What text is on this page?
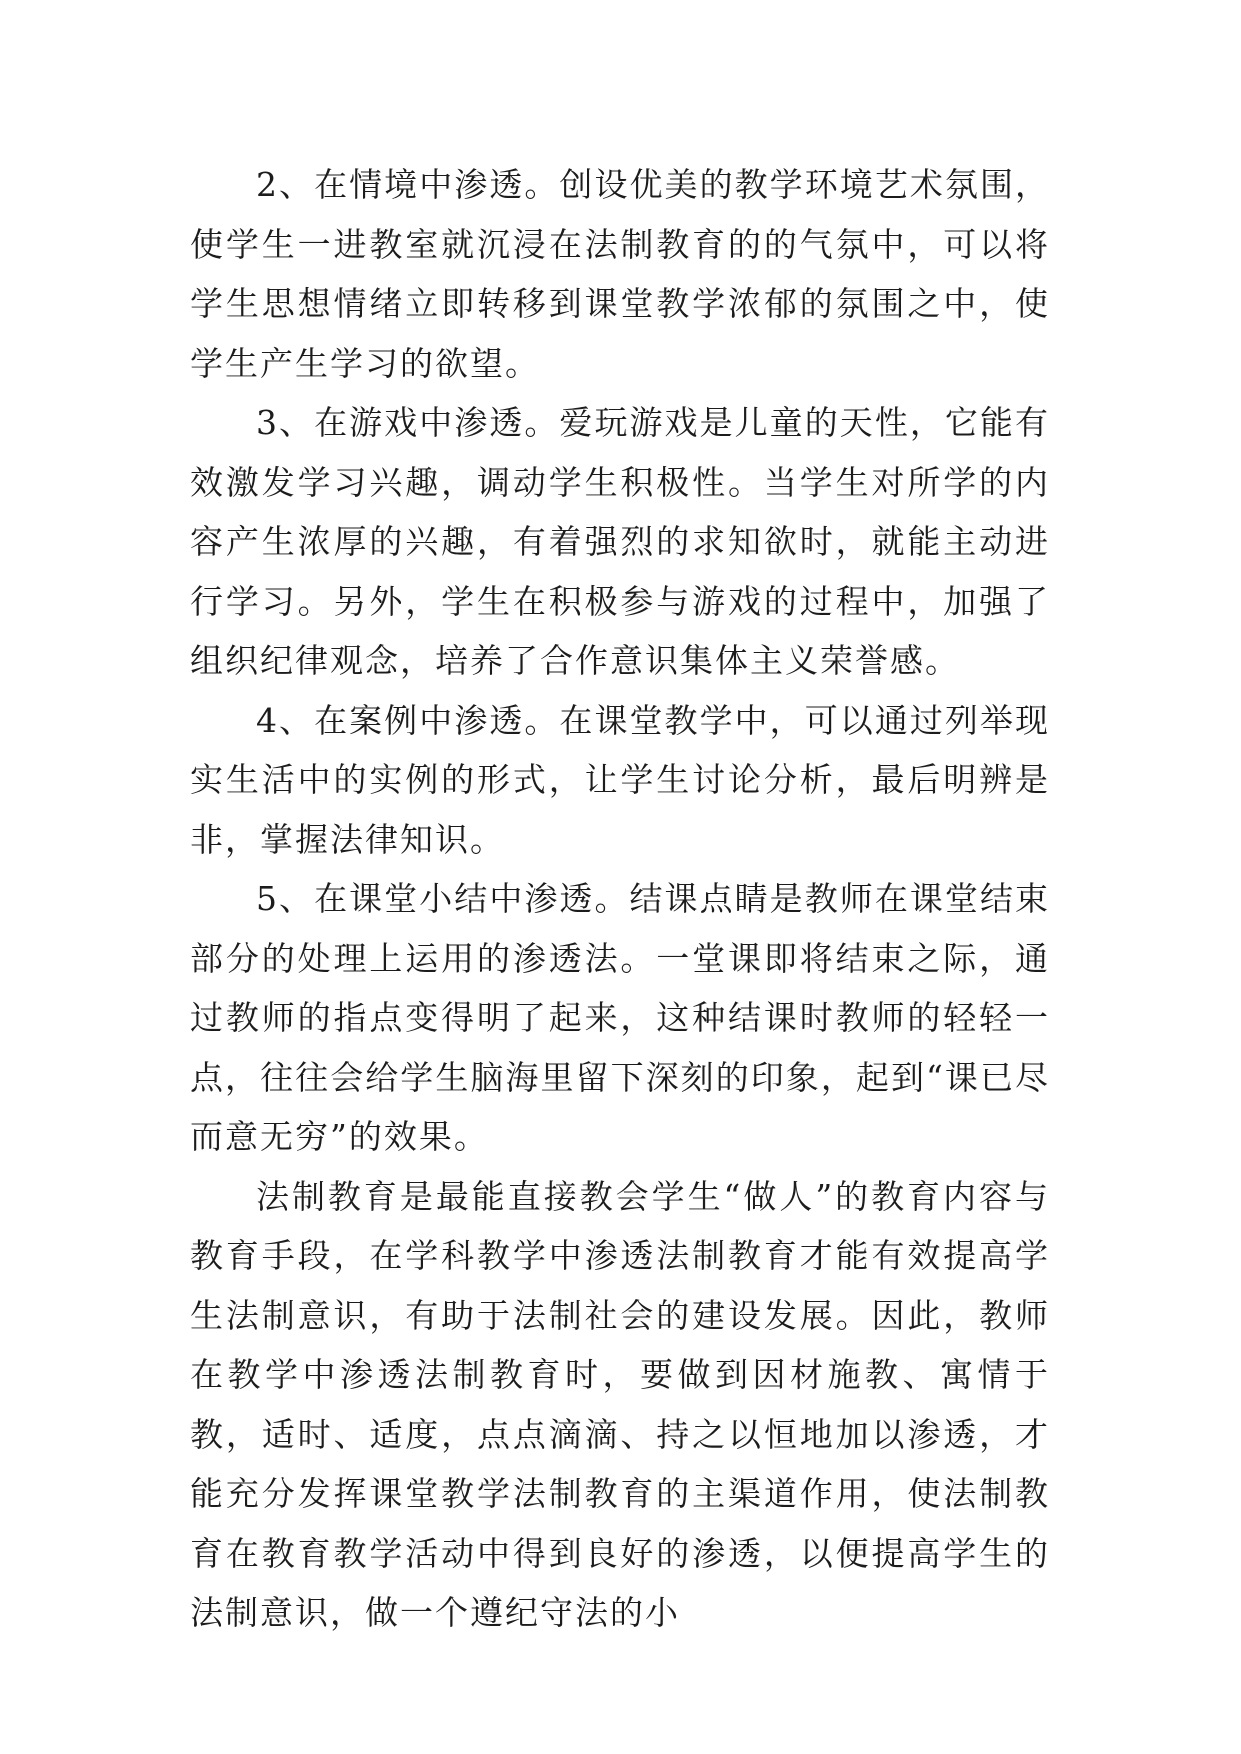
2、在情境中渗透。创设优美的教学环境艺术氛围，使学生一进教室就沉浸在法制教育的的气氛中，可以将学生思想情绪立即转移到课堂教学浓郁的氛围之中，使学生产生学习的欲望。

3、在游戏中渗透。爱玩游戏是儿童的天性，它能有效激发学习兴趣，调动学生积极性。当学生对所学的内容产生浓厚的兴趣，有着强烈的求知欲时，就能主动进行学习。另外，学生在积极参与游戏的过程中，加强了组织纪律观念，培养了合作意识集体主义荣誉感。

4、在案例中渗透。在课堂教学中，可以通过列举现实生活中的实例的形式，让学生讨论分析，最后明辨是非，掌握法律知识。

5、在课堂小结中渗透。结课点睛是教师在课堂结束部分的处理上运用的渗透法。一堂课即将结束之际，通过教师的指点变得明了起来，这种结课时教师的轻轻一点，往往会给学生脑海里留下深刻的印象，起到“课已尽而意无穷”的效果。

法制教育是最能直接教会学生“做人”的教育内容与教育手段，在学科教学中渗透法制教育才能有效提高学生法制意识，有助于法制社会的建设发展。因此，教师在教学中渗透法制教育时，要做到因材施教、寓情于教，适时、适度，点点滴滴、持之以恒地加以渗透，才能充分发挥课堂教学法制教育的主渠道作用，使法制教育在教育教学活动中得到良好的渗透，以便提高学生的法制意识，做一个遵纪守法的小
